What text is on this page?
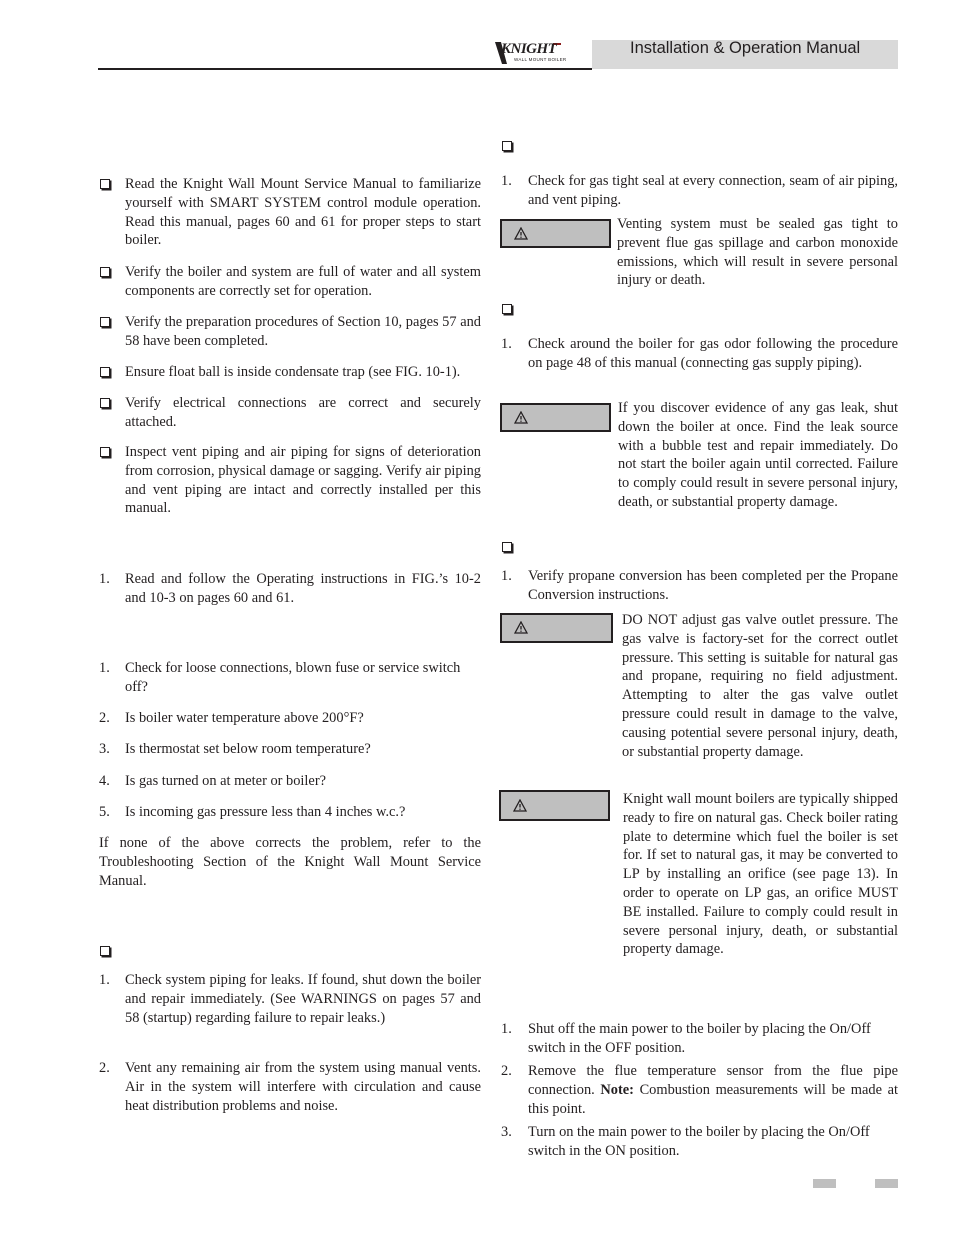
KNIGHT
WALL MOUNT BOILER
Installation & Operation Manual
Read the Knight Wall Mount Service Manual to familiarize yourself with SMART SYSTEM control module operation. Read this manual, pages 60 and 61 for proper steps to start boiler.
Verify the boiler and system are full of water and all system components are correctly set for operation.
Verify the preparation procedures of Section 10, pages 57 and 58 have been completed.
Ensure float ball is inside condensate trap (see FIG. 10-1).
Verify electrical connections are correct and securely attached.
Inspect vent piping and air piping for signs of deterioration from corrosion, physical damage or sagging. Verify air piping and vent piping are intact and correctly installed per this manual.
1. Read and follow the Operating instructions in FIG.’s 10-2 and 10-3 on pages 60 and 61.
1. Check for loose connections, blown fuse or service switch off?
2. Is boiler water temperature above 200°F?
3. Is thermostat set below room temperature?
4. Is gas turned on at meter or boiler?
5. Is incoming gas pressure less than 4 inches w.c.?
If none of the above corrects the problem, refer to the Troubleshooting Section of the Knight Wall Mount Service Manual.
1. Check system piping for leaks. If found, shut down the boiler and repair immediately. (See WARNINGS on pages 57 and 58 (startup) regarding failure to repair leaks.)
2. Vent any remaining air from the system using manual vents. Air in the system will interfere with circulation and cause heat distribution problems and noise.
1. Check for gas tight seal at every connection, seam of air piping, and vent piping.
Venting system must be sealed gas tight to prevent flue gas spillage and carbon monoxide emissions, which will result in severe personal injury or death.
1. Check around the boiler for gas odor following the procedure on page 48 of this manual (connecting gas supply piping).
If you discover evidence of any gas leak, shut down the boiler at once. Find the leak source with a bubble test and repair immediately. Do not start the boiler again until corrected. Failure to comply could result in severe personal injury, death, or substantial property damage.
1. Verify propane conversion has been completed per the Propane Conversion instructions.
DO NOT adjust gas valve outlet pressure. The gas valve is factory-set for the correct outlet pressure. This setting is suitable for natural gas and propane, requiring no field adjustment. Attempting to alter the gas valve outlet pressure could result in damage to the valve, causing potential severe personal injury, death, or substantial property damage.
Knight wall mount boilers are typically shipped ready to fire on natural gas. Check boiler rating plate to determine which fuel the boiler is set for. If set to natural gas, it may be converted to LP by installing an orifice (see page 13). In order to operate on LP gas, an orifice MUST BE installed. Failure to comply could result in severe personal injury, death, or substantial property damage.
1. Shut off the main power to the boiler by placing the On/Off switch in the OFF position.
2. Remove the flue temperature sensor from the flue pipe connection. Note: Combustion measurements will be made at this point.
3. Turn on the main power to the boiler by placing the On/Off switch in the ON position.
